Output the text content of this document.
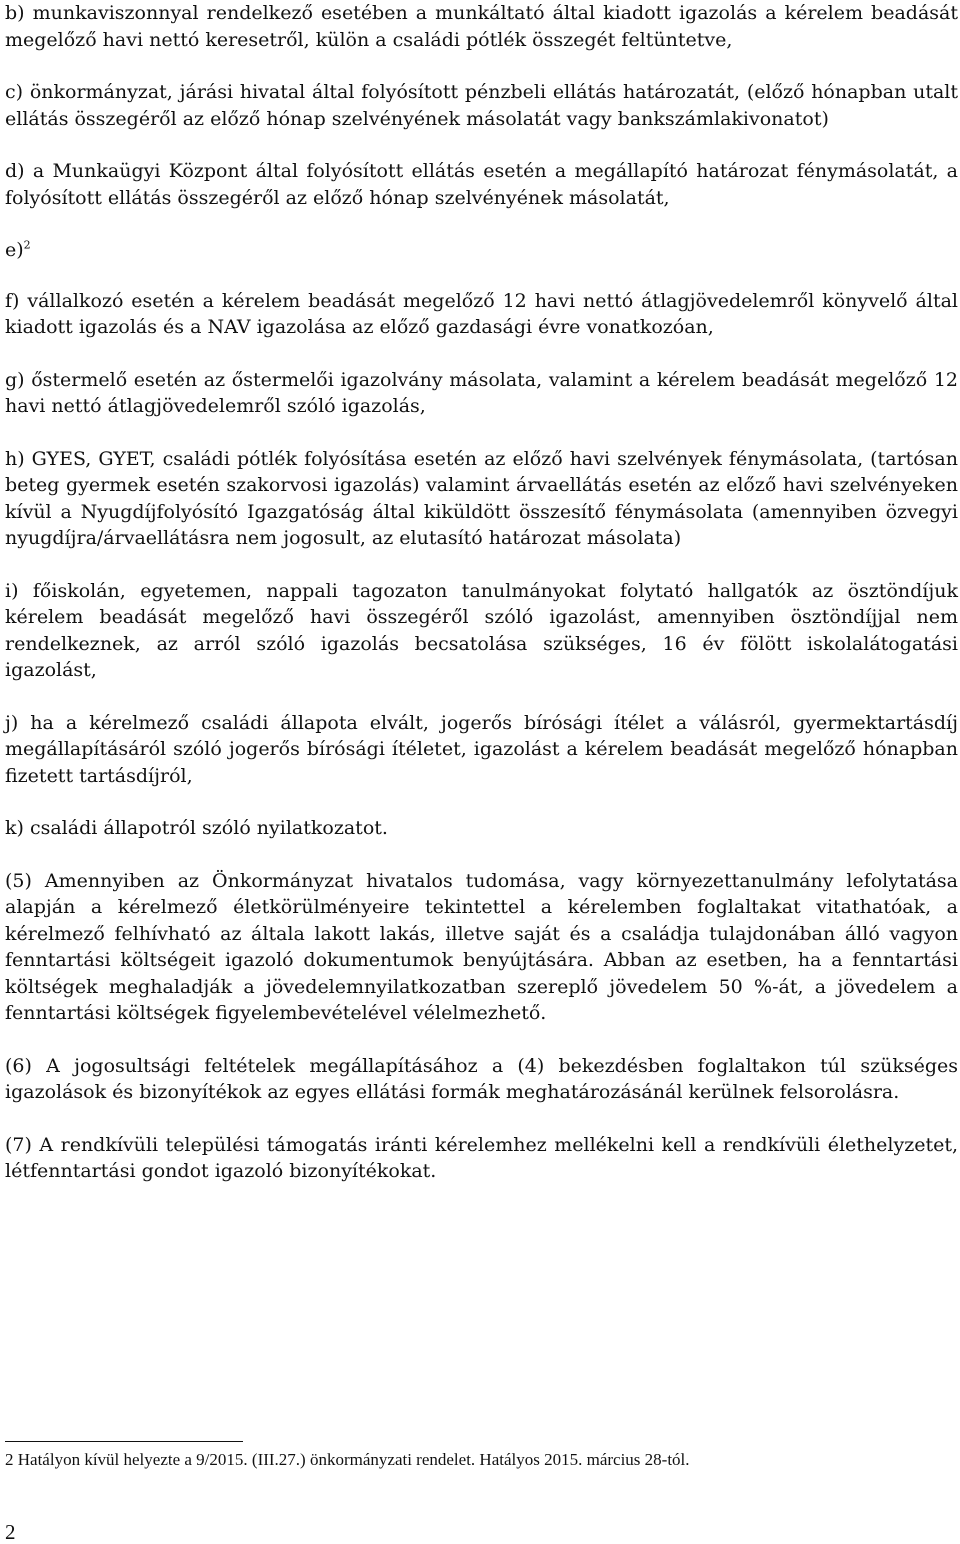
b) munkaviszonnyal rendelkező esetében a munkáltató által kiadott igazolás a kérelem beadását megelőző havi nettó keresetről, külön a családi pótlék összegét feltüntetve,

c) önkormányzat, járási hivatal által folyósított pénzbeli ellátás határozatát, (előző hónapban utalt ellátás összegéről az előző hónap szelvényének másolatát vagy bankszámlakivonatot)

d) a Munkaügyi Központ által folyósított ellátás esetén a megállapító határozat fénymásolatát, a folyósított ellátás összegéről az előző hónap szelvényének másolatát,

e)$^2$

f) vállalkozó esetén a kérelem beadását megelőző 12 havi nettó átlagjövedelemről könyvelő által kiadott igazolás és a NAV igazolása az előző gazdasági évre vonatkozóan,

g) őstermelő esetén az őstermelői igazolvány másolata, valamint a kérelem beadását megelőző 12 havi nettó átlagjövedelemről szóló igazolás,

h) GYES, GYET, családi pótlék folyósítása esetén az előző havi szelvények fénymásolata, (tartósan beteg gyermek esetén szakorvosi igazolás) valamint árvaellátás esetén az előző havi szelvényeken kívül a Nyugdíjfolyósító Igazgatóság által kiküldött összesítő fénymásolata (amennyiben özvegyi nyugdíjra/árvaellátásra nem jogosult, az elutasító határozat másolata)

i) főiskolán, egyetemen, nappali tagozaton tanulmányokat folytató hallgatók az ösztöndíjuk kérelem beadását megelőző havi összegéről szóló igazolást, amennyiben ösztöndíjjal nem rendelkeznek, az arról szóló igazolás becsatolása szükséges, 16 év fölött iskolalátogatási igazolást,

j) ha a kérelmező családi állapota elvált, jogerős bírósági ítélet a válásról, gyermektartásdíj megállapításáról szóló jogerős bírósági ítéletet, igazolást a kérelem beadását megelőző hónapban fizetett tartásdíjról,

k) családi állapotról szóló nyilatkozatot.

(5) Amennyiben az Önkormányzat hivatalos tudomása, vagy környezettanulmány lefolytatása alapján a kérelmező életkörülményeire tekintettel a kérelemben foglaltakat vitathatóak, a kérelmező felhívható az általa lakott lakás, illetve saját és a családja tulajdonában álló vagyon fenntartási költségeit igazoló dokumentumok benyújtására. Abban az esetben, ha a fenntartási költségek meghaladják a jövedelemnyilatkozatban szereplő jövedelem 50 %-át, a jövedelem a fenntartási költségek figyelembevételével vélelmezhető.

(6) A jogosultsági feltételek megállapításához a (4) bekezdésben foglaltakon túl szükséges igazolások és bizonyítékok az egyes ellátási formák meghatározásánál kerülnek felsorolásra.

(7) A rendkívüli települési támogatás iránti kérelemhez mellékelni kell a rendkívüli élethelyzetet, létfenntartási gondot igazoló bizonyítékokat.

2 Hatályon kívül helyezte a 9/2015. (III.27.) önkormányzati rendelet. Hatályos 2015. március 28-tól.
2
